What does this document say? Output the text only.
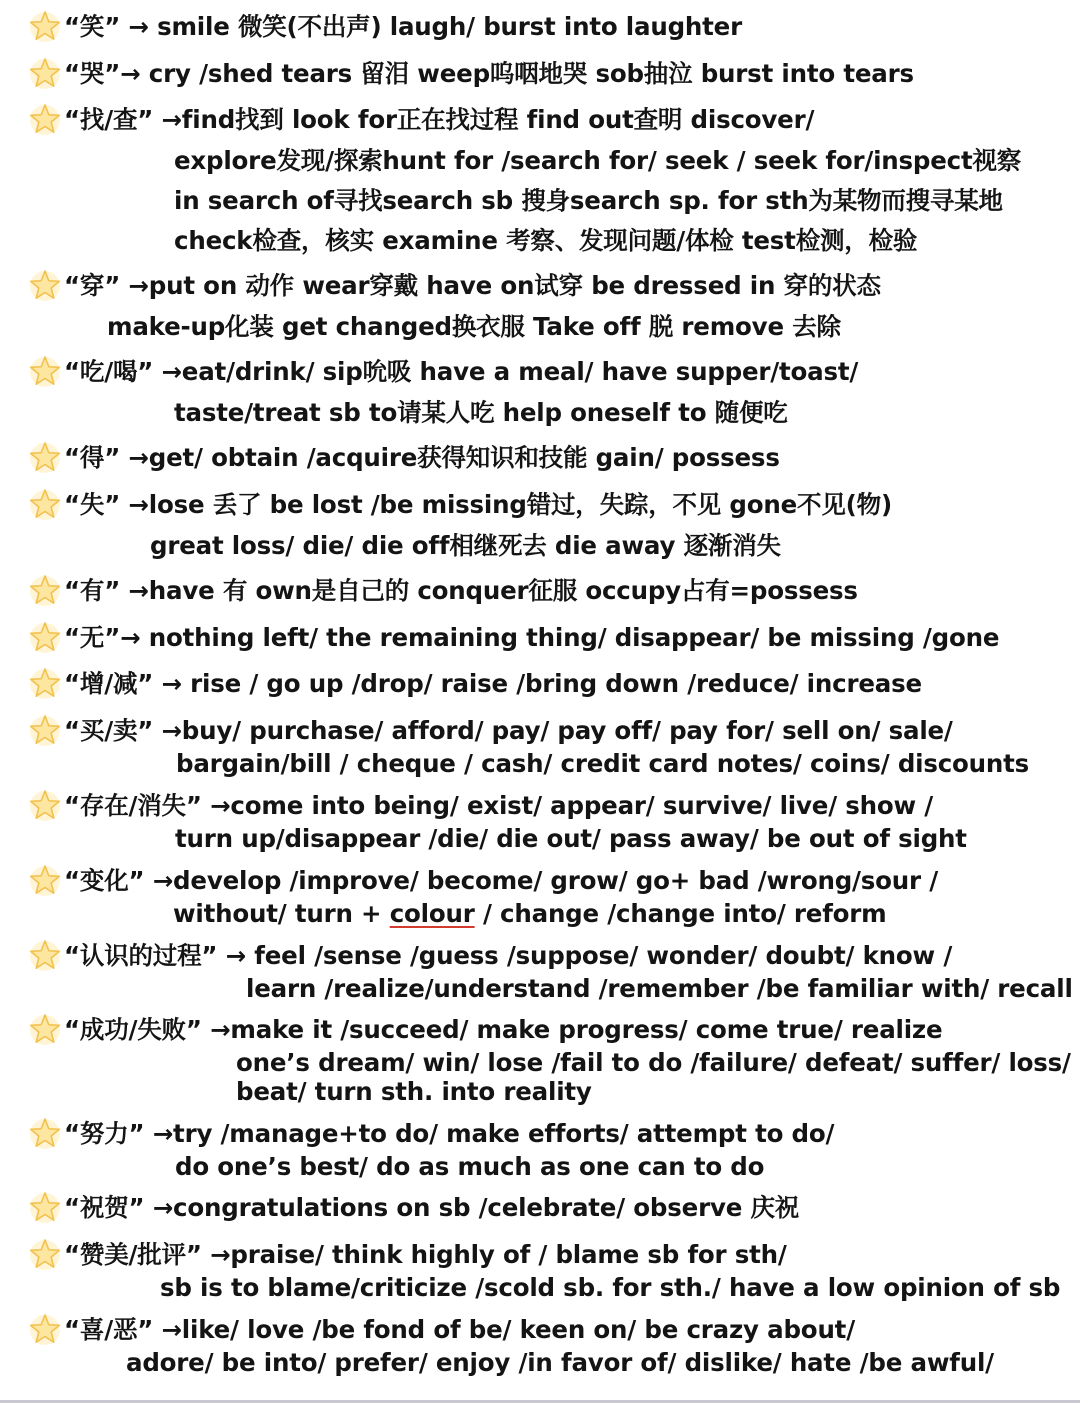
“笑” → smile 微笑(不出声) laugh/ burst into laughter
“哭”→ cry /shed tears 留泪 weep呜咽地哭 sob抽泣 burst into tears
“找/查” →find找到 look for正在找过程 find out查明 discover/
explore发现/探索hunt for /search for/ seek / seek for/inspect视察
in search of寻找search sb 搜身search sp. for sth为某物而搜寻某地
check检查，核实 examine 考察、发现问题/体检 test检测，检验
“穿” →put on 动作 wear穿戴 have on试穿 be dressed in 穿的状态
make-up化装 get changed换衣服 Take off 脱 remove 去除
“吃/喝” →eat/drink/ sip吮吸 have a meal/ have supper/toast/
taste/treat sb to请某人吃 help oneself to 随便吃
“得” →get/ obtain /acquire获得知识和技能 gain/ possess
“失” →lose 丢了 be lost /be missing错过，失踪，不见 gone不见(物)
great loss/ die/ die off相继死去 die away 逐渐消失
“有” →have 有 own是自己的 conquer征服 occupy占有=possess
“无”→ nothing left/ the remaining thing/ disappear/ be missing /gone
“增/减” → rise / go up /drop/ raise /bring down /reduce/ increase
“买/卖” →buy/ purchase/ afford/ pay/ pay off/ pay for/ sell on/ sale/
bargain/bill / cheque / cash/ credit card notes/ coins/ discounts
“存在/消失” →come into being/ exist/ appear/ survive/ live/ show /
turn up/disappear /die/ die out/ pass away/ be out of sight
“变化” →develop /improve/ become/ grow/ go+ bad /wrong/sour /
without/ turn + colour / change /change into/ reform
“认识的过程” → feel /sense /guess /suppose/ wonder/ doubt/ know /
learn /realize/understand /remember /be familiar with/ recall
“成功/失败” →make it /succeed/ make progress/ come true/ realize
one’s dream/ win/ lose /fail to do /failure/ defeat/ suffer/ loss/
beat/ turn sth. into reality
“努力” →try /manage+to do/ make efforts/ attempt to do/
do one’s best/ do as much as one can to do
“祝贺” →congratulations on sb /celebrate/ observe 庆祝
“赞美/批评” →praise/ think highly of / blame sb for sth/
sb is to blame/criticize /scold sb. for sth./ have a low opinion of sb
“喜/恶” →like/ love /be fond of be/ keen on/ be crazy about/
adore/ be into/ prefer/ enjoy /in favor of/ dislike/ hate /be awful/
